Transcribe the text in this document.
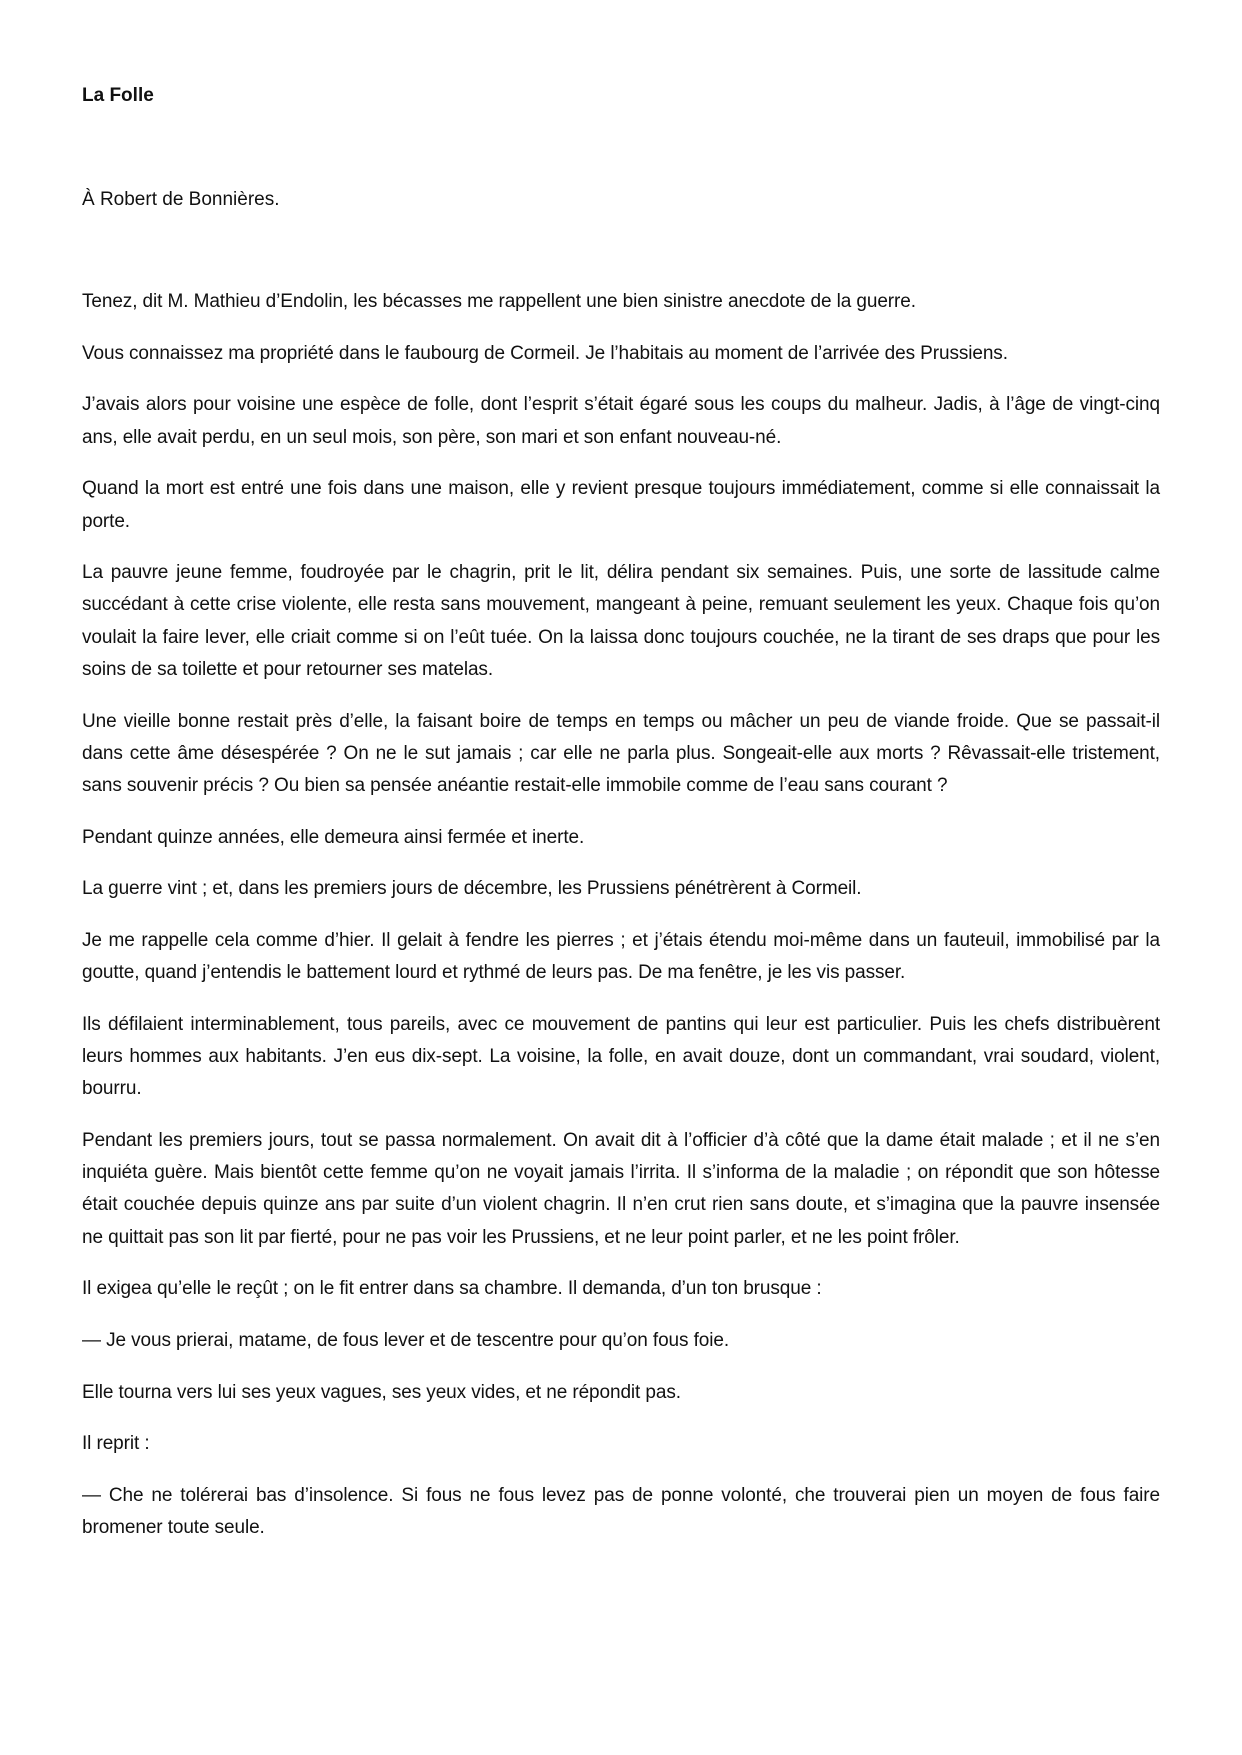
La Folle

À Robert de Bonnières.

Tenez, dit M. Mathieu d’Endolin, les bécasses me rappellent une bien sinistre anecdote de la guerre.

Vous connaissez ma propriété dans le faubourg de Cormeil. Je l’habitais au moment de l’arrivée des Prussiens.

J’avais alors pour voisine une espèce de folle, dont l’esprit s’était égaré sous les coups du malheur. Jadis, à l’âge de vingt-cinq ans, elle avait perdu, en un seul mois, son père, son mari et son enfant nouveau-né.

Quand la mort est entré une fois dans une maison, elle y revient presque toujours immédiatement, comme si elle connaissait la porte.

La pauvre jeune femme, foudroyée par le chagrin, prit le lit, délira pendant six semaines. Puis, une sorte de lassitude calme succédant à cette crise violente, elle resta sans mouvement, mangeant à peine, remuant seulement les yeux. Chaque fois qu’on voulait la faire lever, elle criait comme si on l’eût tuée. On la laissa donc toujours couchée, ne la tirant de ses draps que pour les soins de sa toilette et pour retourner ses matelas.

Une vieille bonne restait près d’elle, la faisant boire de temps en temps ou mâcher un peu de viande froide. Que se passait-il dans cette âme désespérée ? On ne le sut jamais ; car elle ne parla plus. Songeait-elle aux morts ? Rêvassait-elle tristement, sans souvenir précis ? Ou bien sa pensée anéantie restait-elle immobile comme de l’eau sans courant ?

Pendant quinze années, elle demeura ainsi fermée et inerte.

La guerre vint ; et, dans les premiers jours de décembre, les Prussiens pénétrèrent à Cormeil.

Je me rappelle cela comme d’hier. Il gelait à fendre les pierres ; et j’étais étendu moi-même dans un fauteuil, immobilisé par la goutte, quand j’entendis le battement lourd et rythmé de leurs pas. De ma fenêtre, je les vis passer.

Ils défilaient interminablement, tous pareils, avec ce mouvement de pantins qui leur est particulier. Puis les chefs distribuèrent leurs hommes aux habitants. J’en eus dix-sept. La voisine, la folle, en avait douze, dont un commandant, vrai soudard, violent, bourru.

Pendant les premiers jours, tout se passa normalement. On avait dit à l’officier d’à côté que la dame était malade ; et il ne s’en inquiéta guère. Mais bientôt cette femme qu’on ne voyait jamais l’irrita. Il s’informa de la maladie ; on répondit que son hôtesse était couchée depuis quinze ans par suite d’un violent chagrin. Il n’en crut rien sans doute, et s’imagina que la pauvre insensée ne quittait pas son lit par fierté, pour ne pas voir les Prussiens, et ne leur point parler, et ne les point frôler.

Il exigea qu’elle le reçût ; on le fit entrer dans sa chambre. Il demanda, d’un ton brusque :

— Je vous prierai, matame, de fous lever et de tescentre pour qu’on fous foie.

Elle tourna vers lui ses yeux vagues, ses yeux vides, et ne répondit pas.

Il reprit :

— Che ne tolérerai bas d’insolence. Si fous ne fous levez pas de ponne volonté, che trouverai pien un moyen de fous faire bromener toute seule.
